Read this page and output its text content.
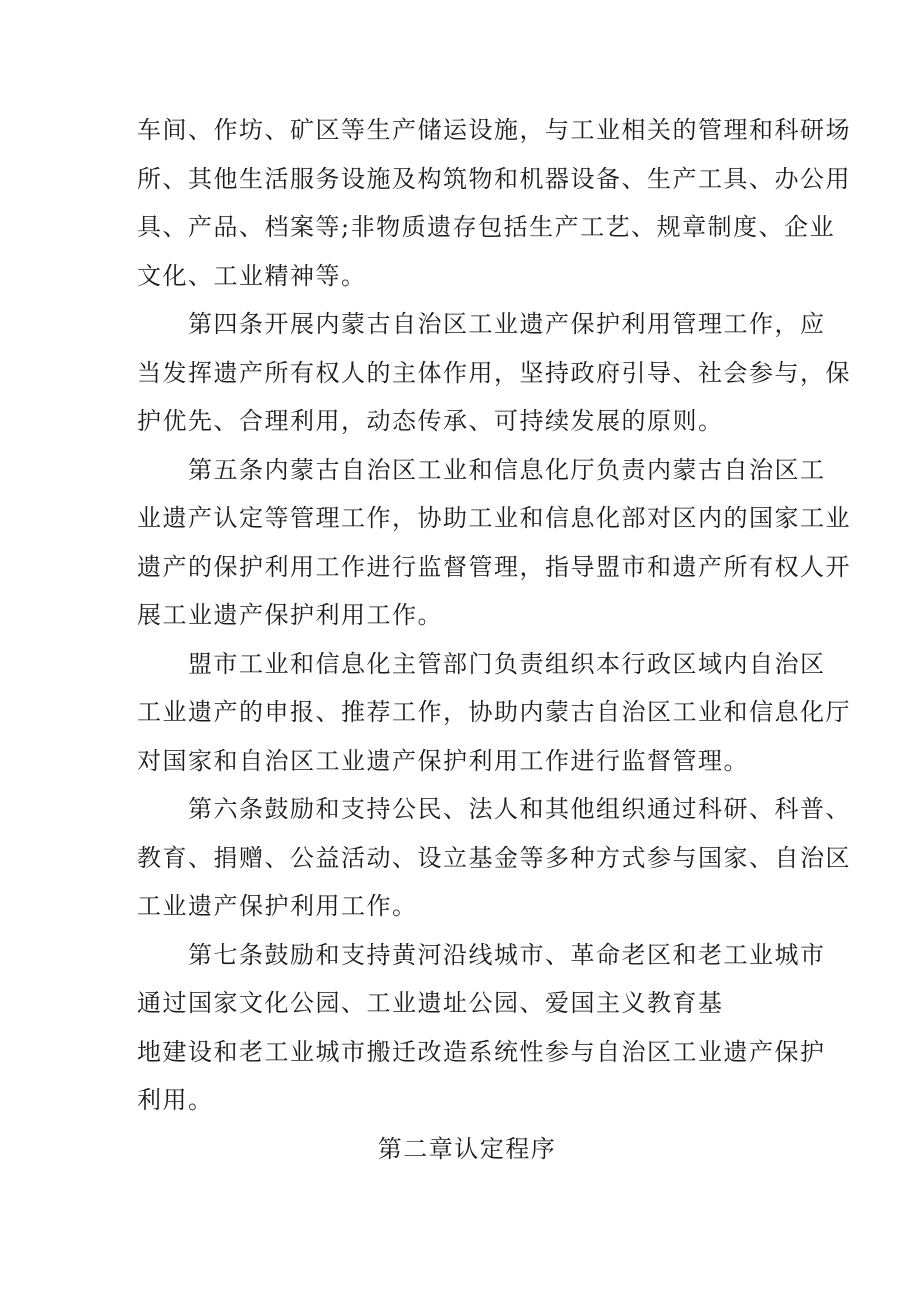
车间、作坊、矿区等生产储运设施，与工业相关的管理和科研场
所、其他生活服务设施及构筑物和机器设备、生产工具、办公用
具、产品、档案等;非物质遗存包括生产工艺、规章制度、企业
文化、工业精神等。

第四条开展内蒙古自治区工业遗产保护利用管理工作，应
当发挥遗产所有权人的主体作用，坚持政府引导、社会参与，保
护优先、合理利用，动态传承、可持续发展的原则。

第五条内蒙古自治区工业和信息化厅负责内蒙古自治区工
业遗产认定等管理工作，协助工业和信息化部对区内的国家工业
遗产的保护利用工作进行监督管理，指导盟市和遗产所有权人开
展工业遗产保护利用工作。

盟市工业和信息化主管部门负责组织本行政区域内自治区
工业遗产的申报、推荐工作，协助内蒙古自治区工业和信息化厅
对国家和自治区工业遗产保护利用工作进行监督管理。

第六条鼓励和支持公民、法人和其他组织通过科研、科普、
教育、捐赠、公益活动、设立基金等多种方式参与国家、自治区
工业遗产保护利用工作。

第七条鼓励和支持黄河沿线城市、革命老区和老工业城市
通过国家文化公园、工业遗址公园、爱国主义教育基
地建设和老工业城市搬迁改造系统性参与自治区工业遗产保护
利用。

第二章认定程序
